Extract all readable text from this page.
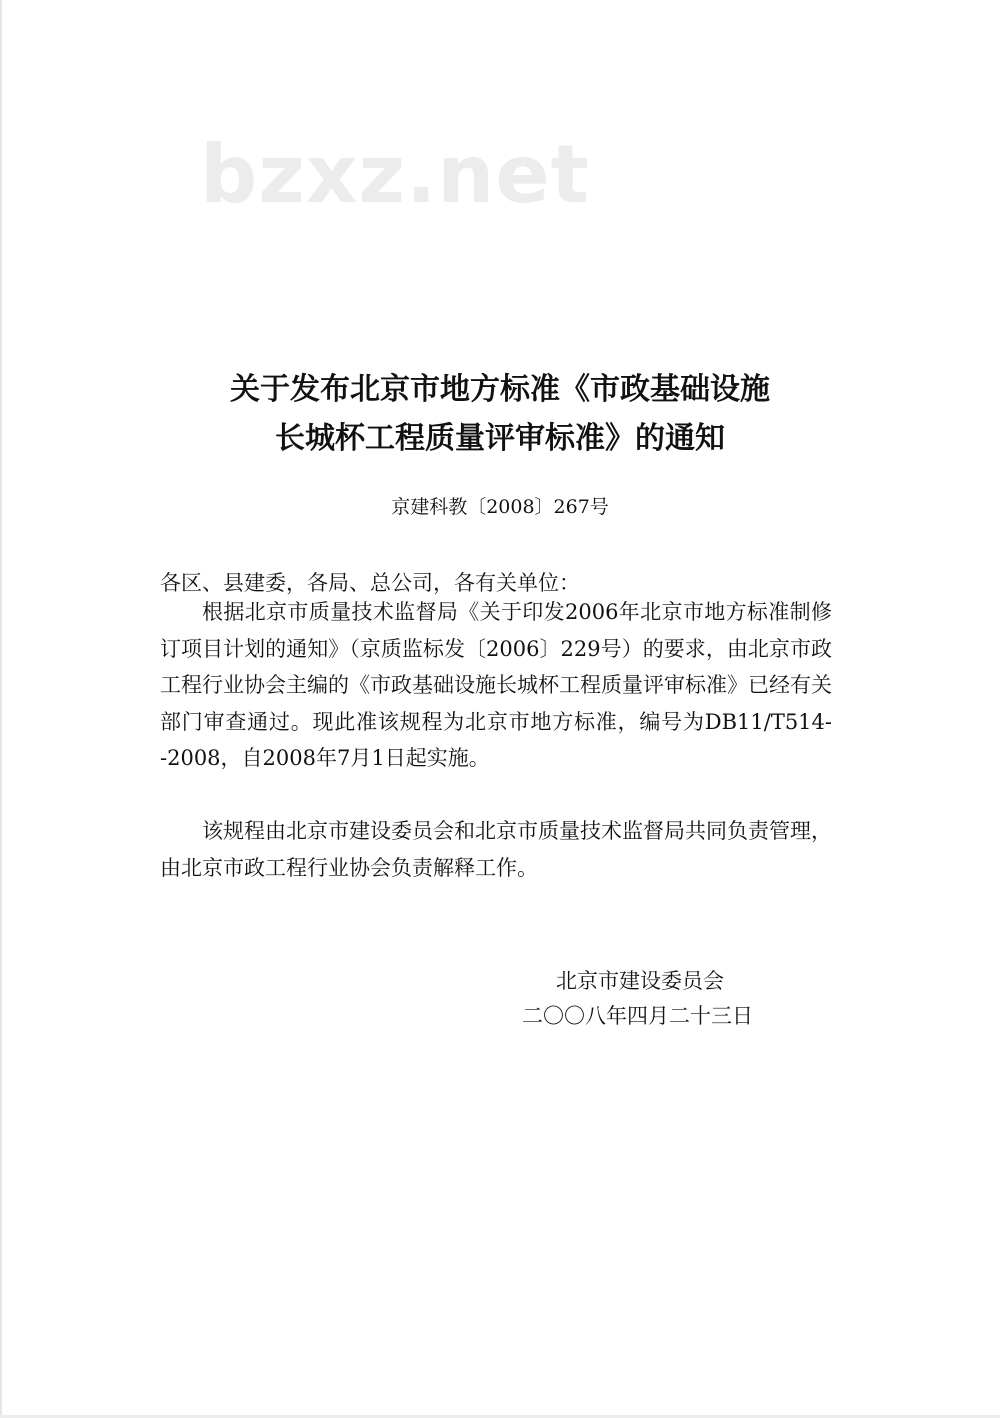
bzxz.net
关于发布北京市地方标准《市政基础设施
长城杯工程质量评审标准》的通知
京建科教〔2008〕267号
各区、县建委，各局、总公司，各有关单位：

根据北京市质量技术监督局《关于印发2006年北京市地方标准制修订项目计划的通知》（京质监标发〔2006〕229号）的要求，由北京市政工程行业协会主编的《市政基础设施长城杯工程质量评审标准》已经有关部门审查通过。现此准该规程为北京市地方标准，编号为DB11/T514--2008，自2008年7月1日起实施。

该规程由北京市建设委员会和北京市质量技术监督局共同负责管理，由北京市政工程行业协会负责解释工作。

北京市建设委员会
二〇〇八年四月二十三日
